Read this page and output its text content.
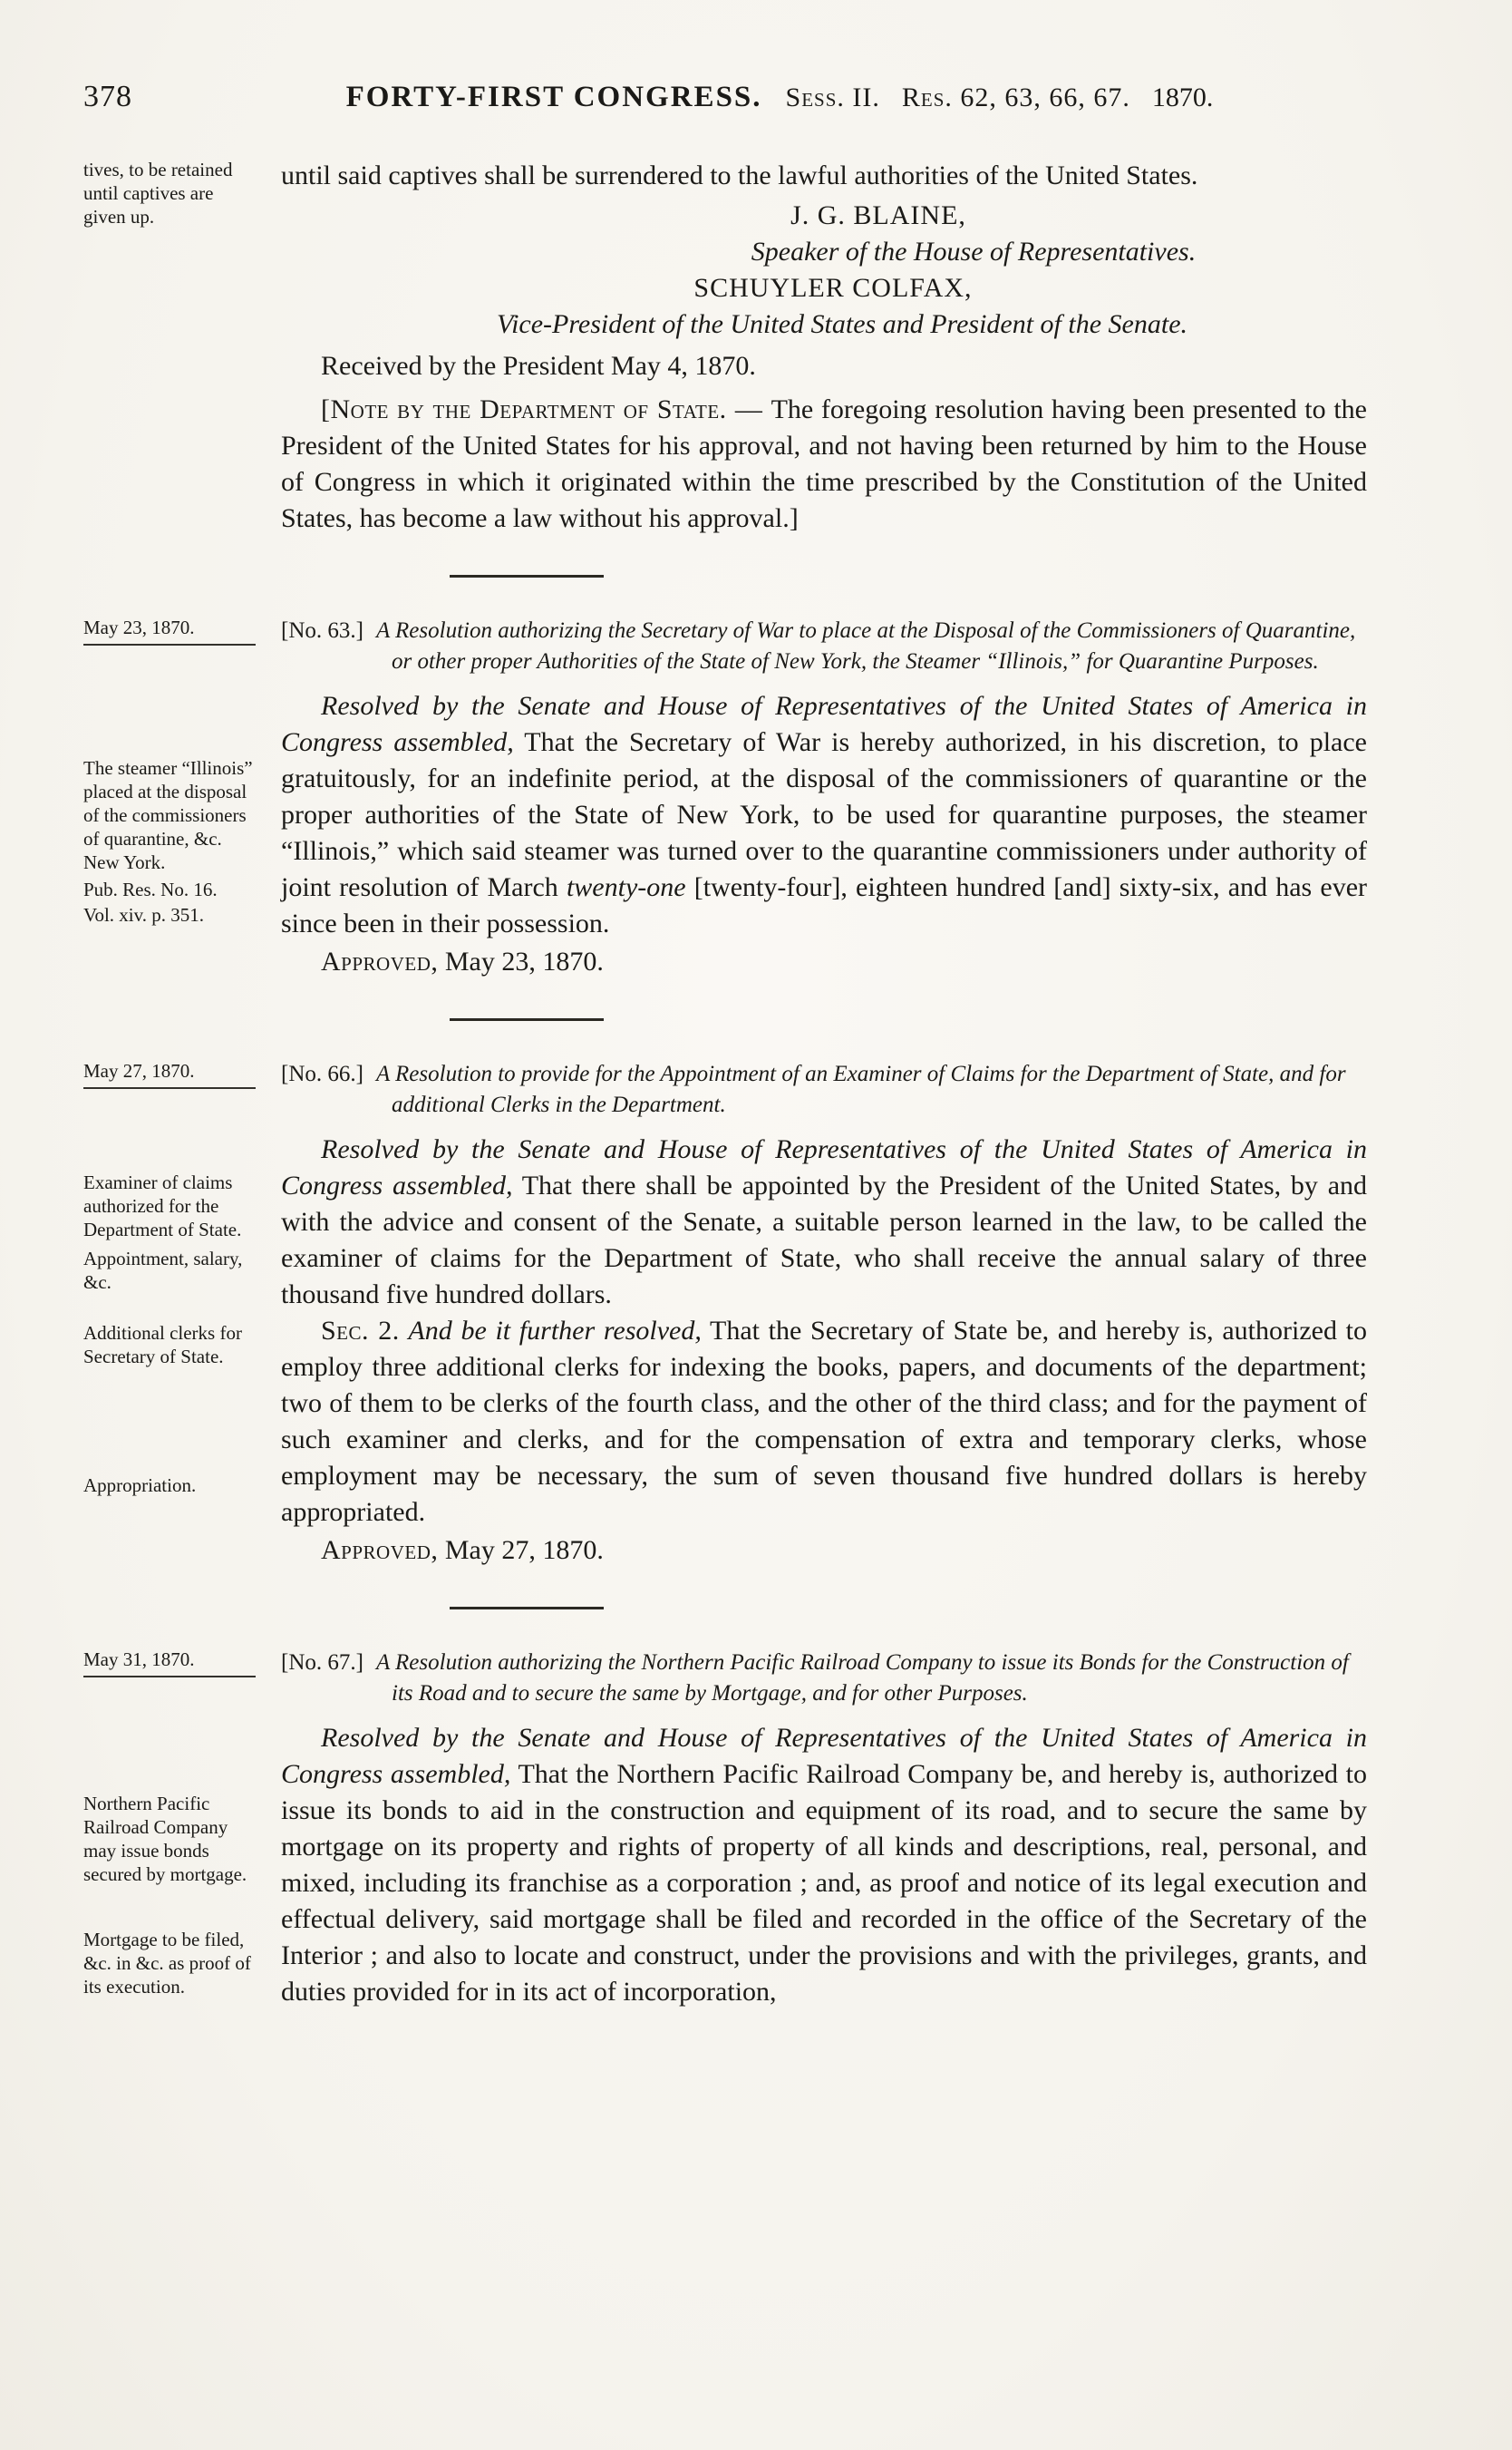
378	FORTY-FIRST CONGRESS. Sess. II. Res. 62, 63, 66, 67. 1870.

tives, to be retained until captives are given up.

until said captives shall be surrendered to the lawful authorities of the United States.

J. G. BLAINE,

Speaker of the House of Representatives.

SCHUYLER COLFAX,

Vice-President of the United States and President of the Senate.

Received by the President May 4, 1870.

[Note by the Department of State. — The foregoing resolution having been presented to the President of the United States for his approval, and not having been returned by him to the House of Congress in which it originated within the time prescribed by the Constitution of the United States, has become a law without his approval.]

May 23, 1870.

The steamer “Illinois” placed at the disposal of the commissioners of quarantine, &c. New York.

Pub. Res. No. 16.

Vol. xiv. p. 351.

[No. 63.] A Resolution authorizing the Secretary of War to place at the Disposal of the Commissioners of Quarantine, or other proper Authorities of the State of New York, the Steamer “Illinois,” for Quarantine Purposes.

Resolved by the Senate and House of Representatives of the United States of America in Congress assembled, That the Secretary of War is hereby authorized, in his discretion, to place gratuitously, for an indefinite period, at the disposal of the commissioners of quarantine or the proper authorities of the State of New York, to be used for quarantine purposes, the steamer “Illinois,” which said steamer was turned over to the quarantine commissioners under authority of joint resolution of March twenty-one [twenty-four], eighteen hundred [and] sixty-six, and has ever since been in their possession.

Approved, May 23, 1870.

May 27, 1870.

Examiner of claims authorized for the Department of State.

Appointment, salary, &c.

Additional clerks for Secretary of State.

Appropriation.

[No. 66.] A Resolution to provide for the Appointment of an Examiner of Claims for the Department of State, and for additional Clerks in the Department.

Resolved by the Senate and House of Representatives of the United States of America in Congress assembled, That there shall be appointed by the President of the United States, by and with the advice and consent of the Senate, a suitable person learned in the law, to be called the examiner of claims for the Department of State, who shall receive the annual salary of three thousand five hundred dollars.

Sec. 2. And be it further resolved, That the Secretary of State be, and hereby is, authorized to employ three additional clerks for indexing the books, papers, and documents of the department; two of them to be clerks of the fourth class, and the other of the third class; and for the payment of such examiner and clerks, and for the compensation of extra and temporary clerks, whose employment may be necessary, the sum of seven thousand five hundred dollars is hereby appropriated.

Approved, May 27, 1870.

May 31, 1870.

Northern Pacific Railroad Company may issue bonds secured by mortgage.

Mortgage to be filed, &c. in &c. as proof of its execution.

[No. 67.] A Resolution authorizing the Northern Pacific Railroad Company to issue its Bonds for the Construction of its Road and to secure the same by Mortgage, and for other Purposes.

Resolved by the Senate and House of Representatives of the United States of America in Congress assembled, That the Northern Pacific Railroad Company be, and hereby is, authorized to issue its bonds to aid in the construction and equipment of its road, and to secure the same by mortgage on its property and rights of property of all kinds and descriptions, real, personal, and mixed, including its franchise as a corporation ; and, as proof and notice of its legal execution and effectual delivery, said mortgage shall be filed and recorded in the office of the Secretary of the Interior ; and also to locate and construct, under the provisions and with the privileges, grants, and duties provided for in its act of incorporation,
